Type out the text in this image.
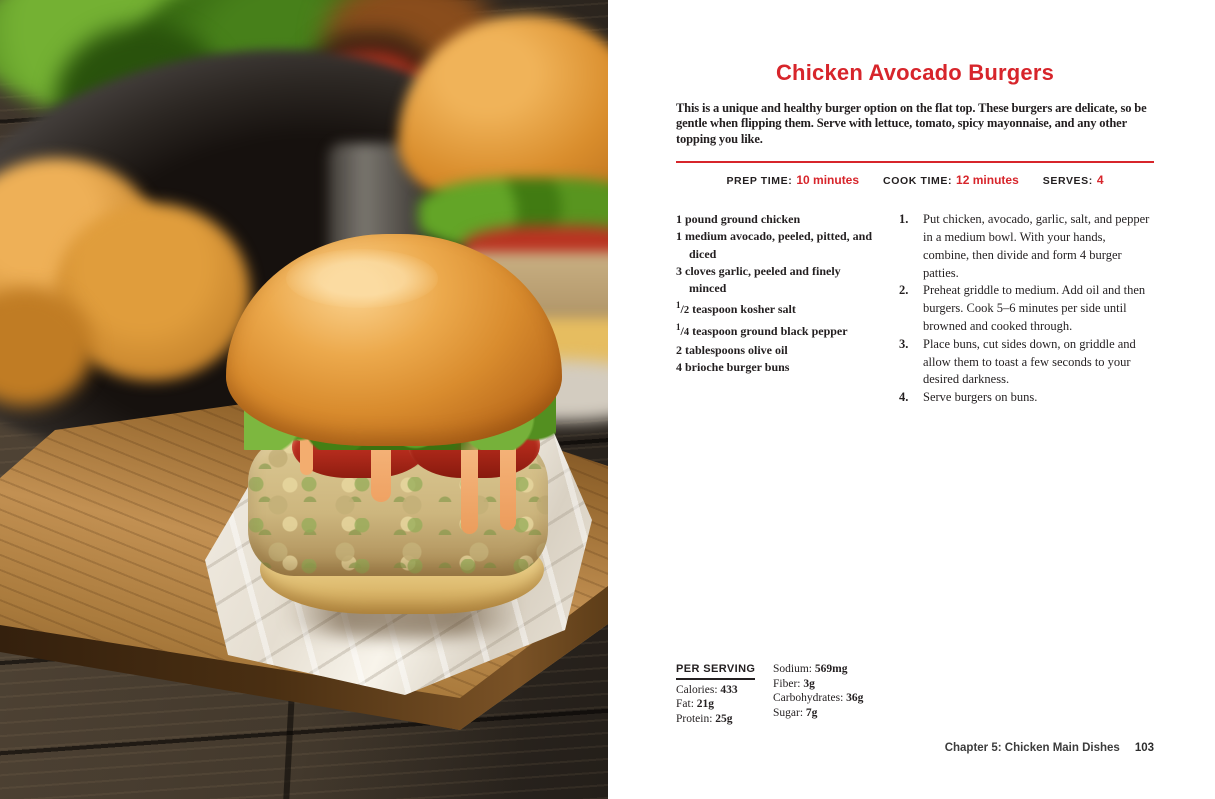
Chicken Avocado Burgers

This is a unique and healthy burger option on the flat top. These burgers are delicate, so be gentle when flipping them. Serve with lettuce, tomato, spicy mayonnaise, and any other topping you like.

PREP TIME: 10 minutes COOK TIME: 12 minutes SERVES: 4
1 pound ground chicken
1 medium avocado, peeled, pitted, and diced
3 cloves garlic, peeled and finely minced
$^1$/2 teaspoon kosher salt
$^1$/4 teaspoon ground black pepper
2 tablespoons olive oil
4 brioche burger buns
1.	Put chicken, avocado, garlic, salt, and pepper in a medium bowl. With your hands, combine, then divide and form 4 burger patties.
2.	Preheat griddle to medium. Add oil and then burgers. Cook 5–6 minutes per side until browned and cooked through.
3.	Place buns, cut sides down, on griddle and allow them to toast a few seconds to your desired darkness.
4.	Serve burgers on buns.
PER SERVING
Calories: 433
Fat: 21g
Protein: 25g
Sodium: 569mg
Fiber: 3g
Carbohydrates: 36g
Sugar: 7g
Chapter 5: Chicken Main Dishes 103
